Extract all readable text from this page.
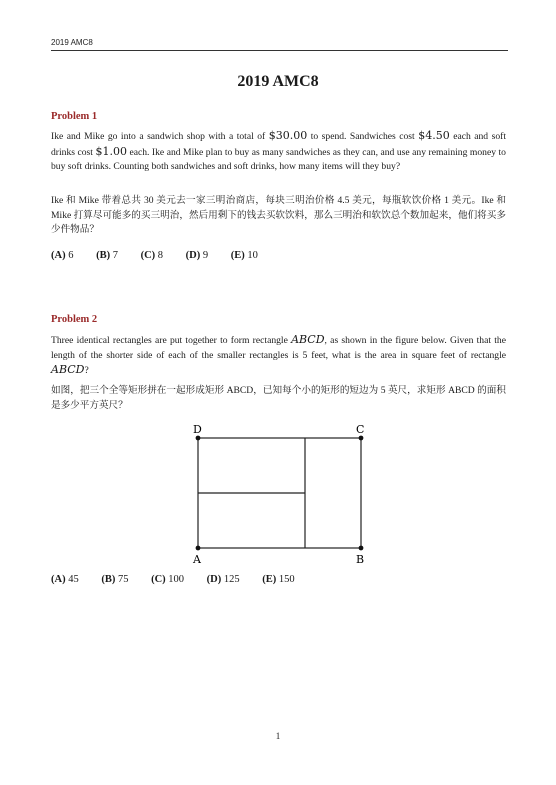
2019 AMC8
2019 AMC8
Problem 1
Ike and Mike go into a sandwich shop with a total of $30.00 to spend. Sandwiches cost $4.50 each and soft drinks cost $1.00 each. Ike and Mike plan to buy as many sandwiches as they can, and use any remaining money to buy soft drinks. Counting both sandwiches and soft drinks, how many items will they buy?
Ike 和 Mike 带着总共 30 美元去一家三明治商店，每块三明治价格 4.5 美元，每瓶软饮价格 1 美元。Ike 和 Mike 打算尽可能多的买三明治，然后用剩下的钱去买软饮料，那么三明治和软饮总个数加起来，他们将买多少件物品？
(A) 6 (B) 7 (C) 8 (D) 9 (E) 10
Problem 2
Three identical rectangles are put together to form rectangle ABCD, as shown in the figure below. Given that the length of the shorter side of each of the smaller rectangles is 5 feet, what is the area in square feet of rectangle ABCD?
如图，把三个全等矩形拼在一起形成矩形 ABCD，已知每个小的矩形的短边为 5 英尺，求矩形 ABCD 的面积是多少平方英尺？
D	C
A	B
(A) 45 (B) 75 (C) 100 (D) 125 (E) 150
1
